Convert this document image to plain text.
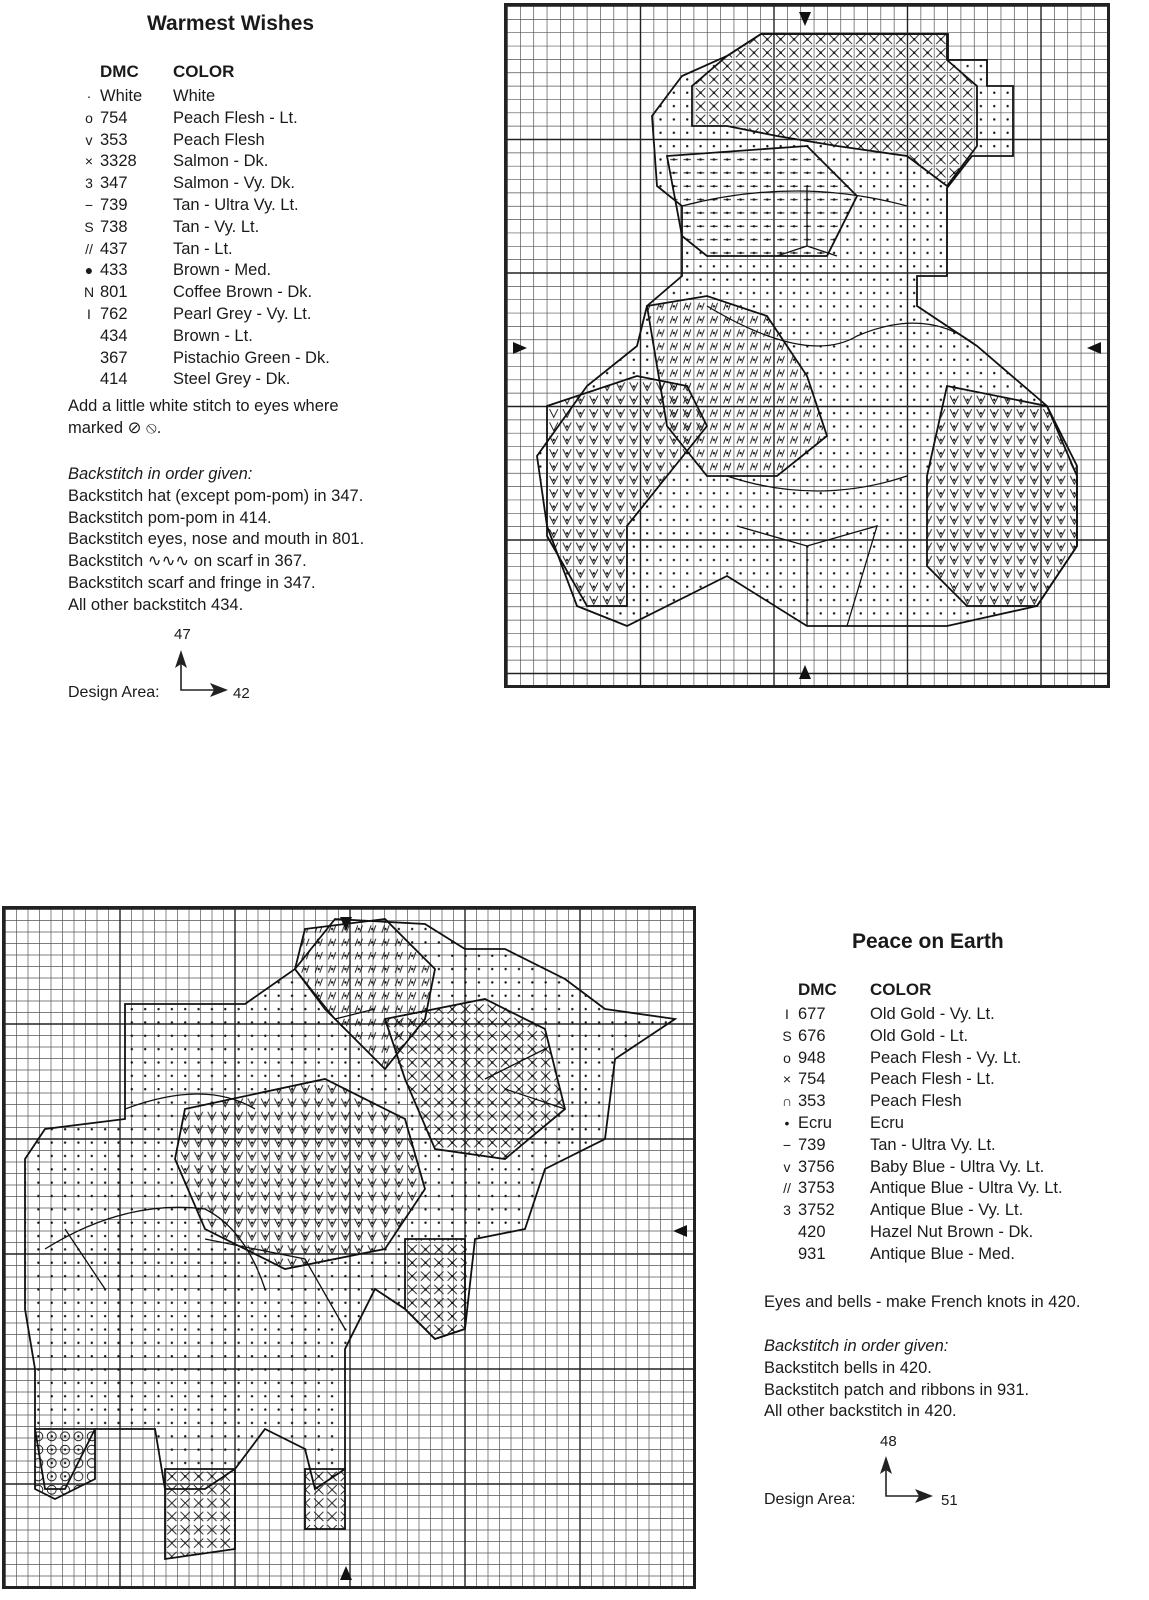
Warmest Wishes
DMC COLOR
· White White
o 754	Peach Flesh - Lt.
v 353	Peach Flesh
× 3328 Salmon - Dk.
3 347	Salmon - Vy. Dk.
− 739	Tan - Ultra Vy. Lt.
S 738	Tan - Vy. Lt.
// 437	Tan - Lt.
● 433	Brown - Med.
N 801	Coffee Brown - Dk.
I 762	Pearl Grey - Vy. Lt.
434	Brown - Lt.
367	Pistachio Green - Dk.
414	Steel Grey - Dk.
Add a little white stitch to eyes where
marked ⊘ ⦸.
Backstitch in order given:
Backstitch hat (except pom-pom) in 347.
Backstitch pom-pom in 414.
Backstitch eyes, nose and mouth in 801.
Backstitch ∿∿∿ on scarf in 367.
Backstitch scarf and fringe in 347.
All other backstitch 434.
47
Design Area:	42
Peace on Earth
DMC COLOR
I 677	Old Gold - Vy. Lt.
S 676	Old Gold - Lt.
o 948	Peach Flesh - Vy. Lt.
× 754	Peach Flesh - Lt.
∩ 353	Peach Flesh
• Ecru Ecru
− 739	Tan - Ultra Vy. Lt.
v 3756 Baby Blue - Ultra Vy. Lt.
// 3753 Antique Blue - Ultra Vy. Lt.
3 3752 Antique Blue - Vy. Lt.
420	Hazel Nut Brown - Dk.
931	Antique Blue - Med.
Eyes and bells - make French knots in 420.
Backstitch in order given:
Backstitch bells in 420.
Backstitch patch and ribbons in 931.
All other backstitch in 420.
48
Design Area:	51
